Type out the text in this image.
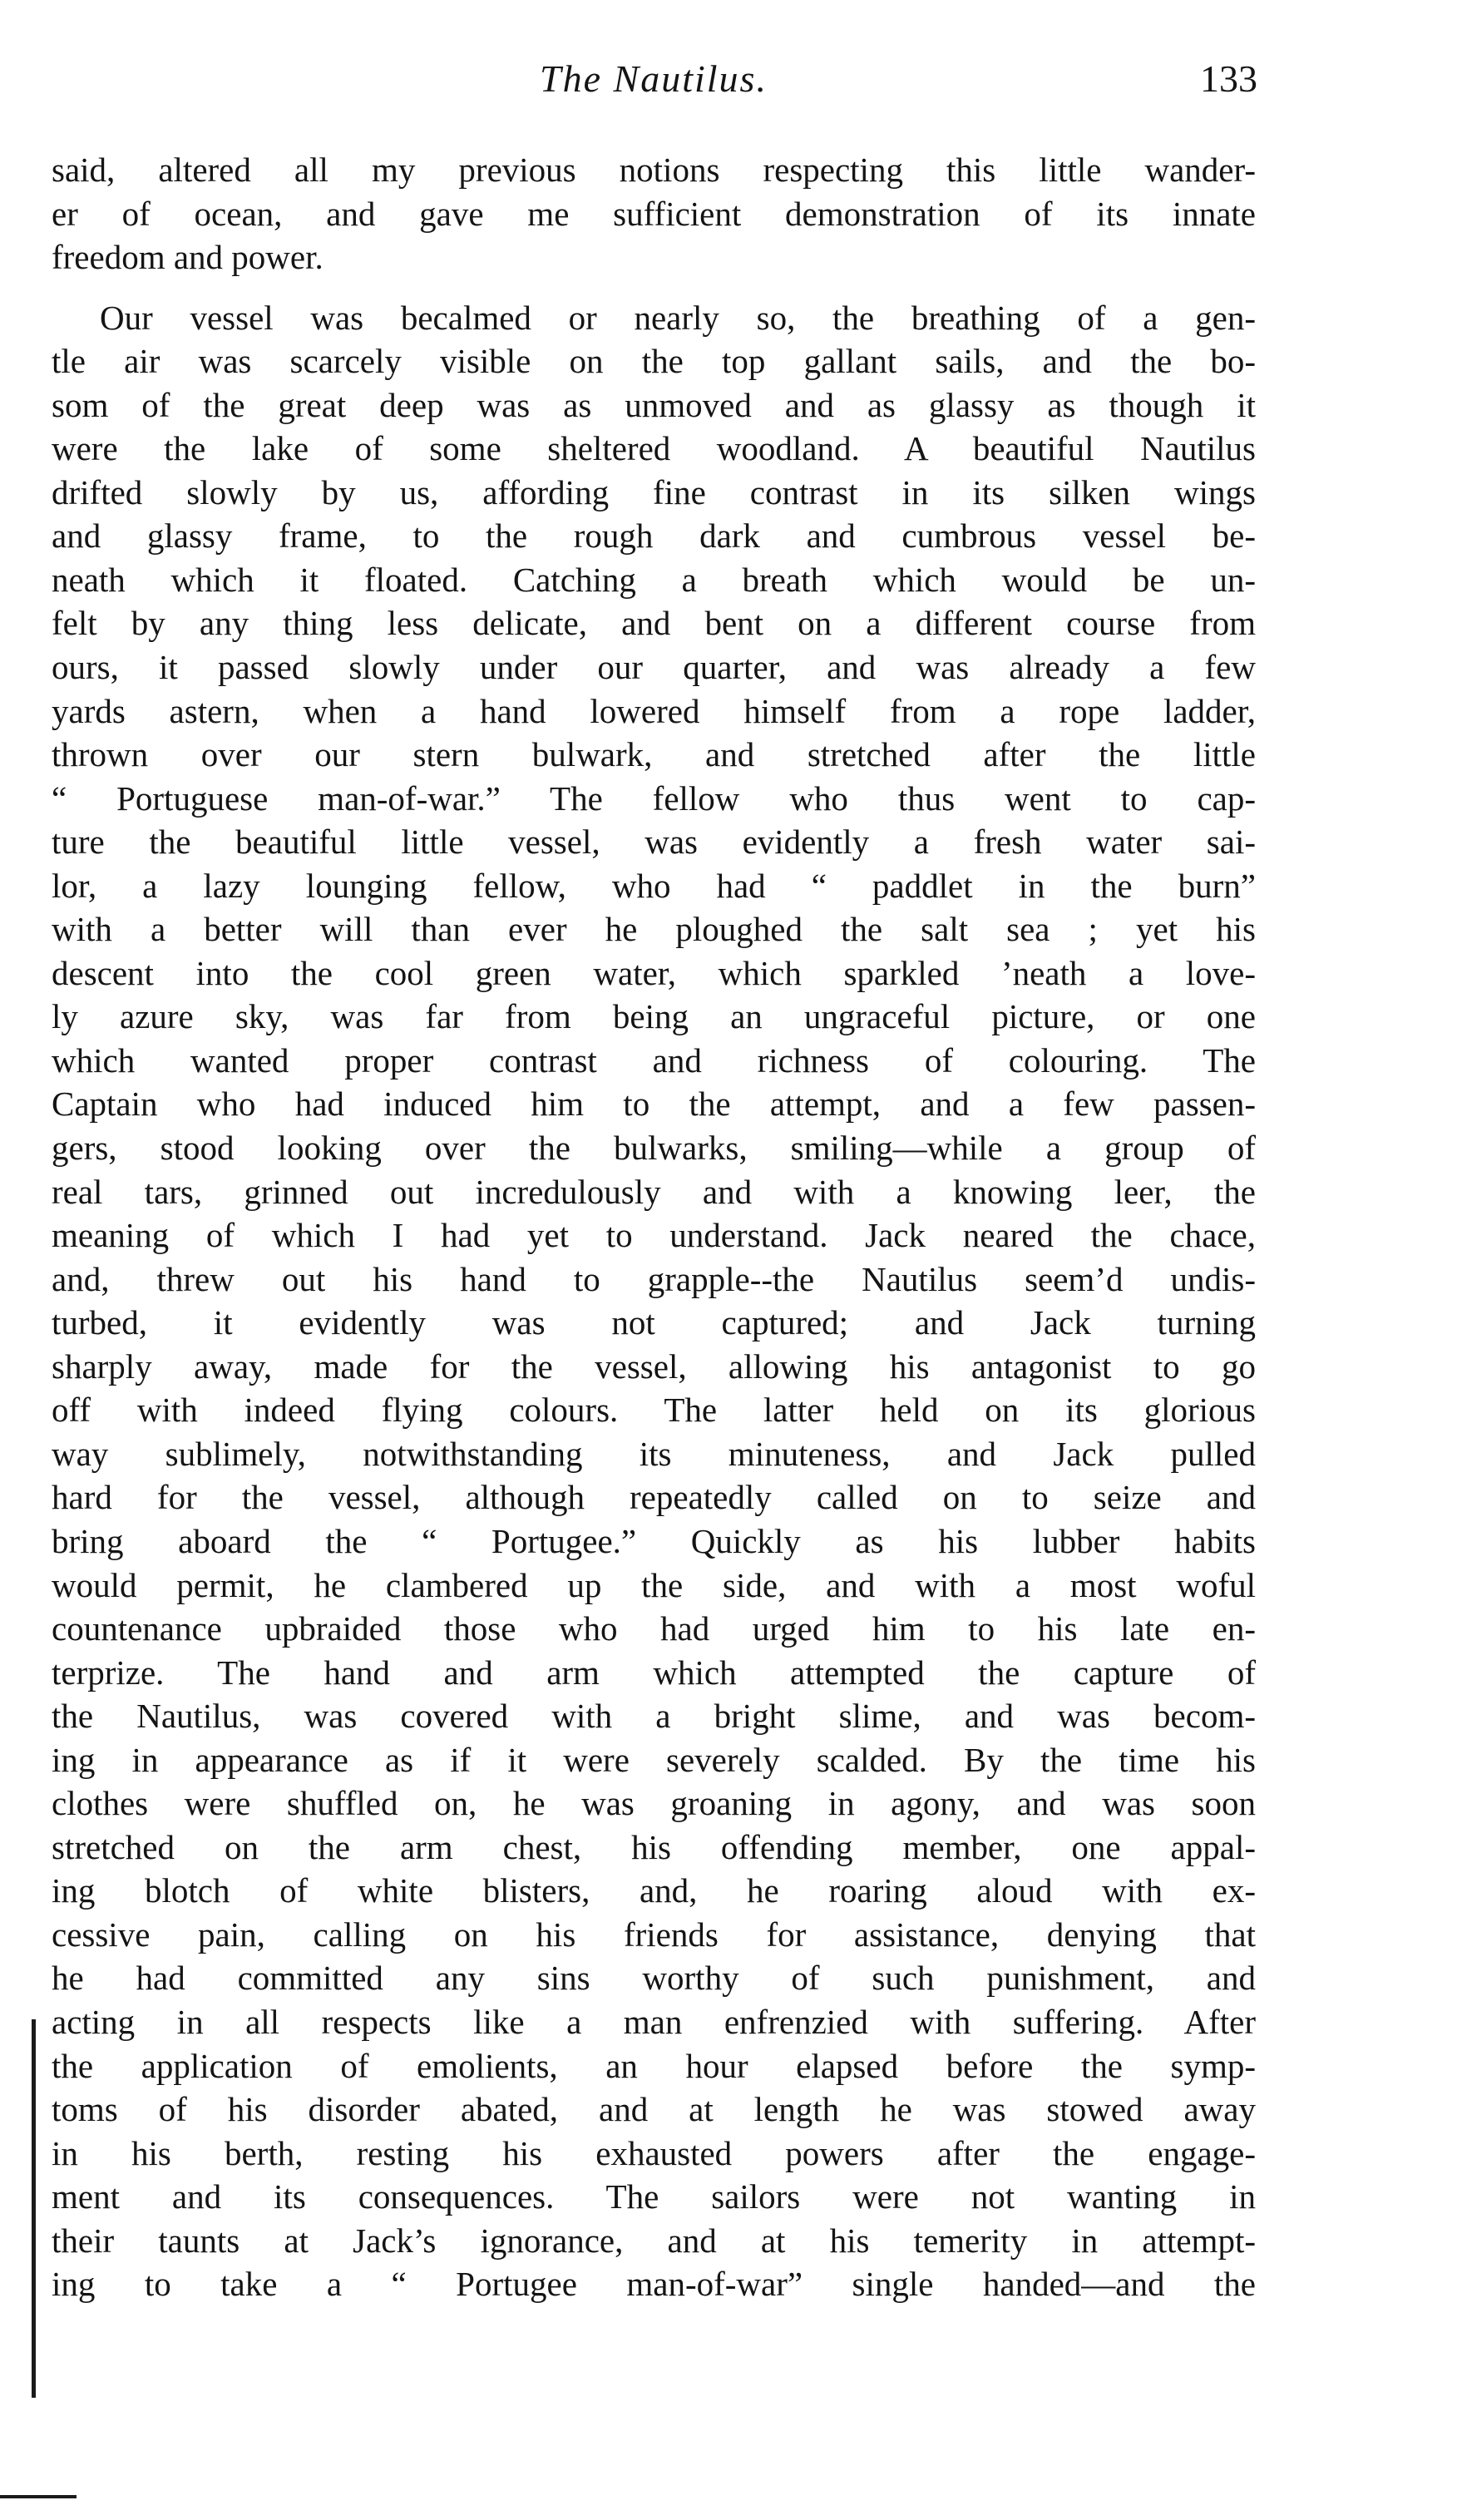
The Nautilus.	133
said, altered all my previous notions respecting this little wander-
er of ocean, and gave me sufficient demonstration of its innate
freedom and power.
Our vessel was becalmed or nearly so, the breathing of a gen-
tle air was scarcely visible on the top gallant sails, and the bo-
som of the great deep was as unmoved and as glassy as though it
were the lake of some sheltered woodland. A beautiful Nautilus
drifted slowly by us, affording fine contrast in its silken wings
and glassy frame, to the rough dark and cumbrous vessel be-
neath which it floated. Catching a breath which would be un-
felt by any thing less delicate, and bent on a different course from
ours, it passed slowly under our quarter, and was already a few
yards astern, when a hand lowered himself from a rope ladder,
thrown over our stern bulwark, and stretched after the little
“ Portuguese man-of-war.” The fellow who thus went to cap-
ture the beautiful little vessel, was evidently a fresh water sai-
lor, a lazy lounging fellow, who had “ paddlet in the burn”
with a better will than ever he ploughed the salt sea ; yet his
descent into the cool green water, which sparkled ’neath a love-
ly azure sky, was far from being an ungraceful picture, or one
which wanted proper contrast and richness of colouring. The
Captain who had induced him to the attempt, and a few passen-
gers, stood looking over the bulwarks, smiling—while a group of
real tars, grinned out incredulously and with a knowing leer, the
meaning of which I had yet to understand. Jack neared the chace,
and, threw out his hand to grapple--the Nautilus seem’d undis-
turbed, it evidently was not captured; and Jack turning
sharply away, made for the vessel, allowing his antagonist to go
off with indeed flying colours. The latter held on its glorious
way sublimely, notwithstanding its minuteness, and Jack pulled
hard for the vessel, although repeatedly called on to seize and
bring aboard the “ Portugee.” Quickly as his lubber habits
would permit, he clambered up the side, and with a most woful
countenance upbraided those who had urged him to his late en-
terprize. The hand and arm which attempted the capture of
the Nautilus, was covered with a bright slime, and was becom-
ing in appearance as if it were severely scalded. By the time his
clothes were shuffled on, he was groaning in agony, and was soon
stretched on the arm chest, his offending member, one appal-
ing blotch of white blisters, and, he roaring aloud with ex-
cessive pain, calling on his friends for assistance, denying that
he had committed any sins worthy of such punishment, and
acting in all respects like a man enfrenzied with suffering. After
the application of emolients, an hour elapsed before the symp-
toms of his disorder abated, and at length he was stowed away
in his berth, resting his exhausted powers after the engage-
ment and its consequences. The sailors were not wanting in
their taunts at Jack’s ignorance, and at his temerity in attempt-
ing to take a “ Portugee man-of-war” single handed—and the
